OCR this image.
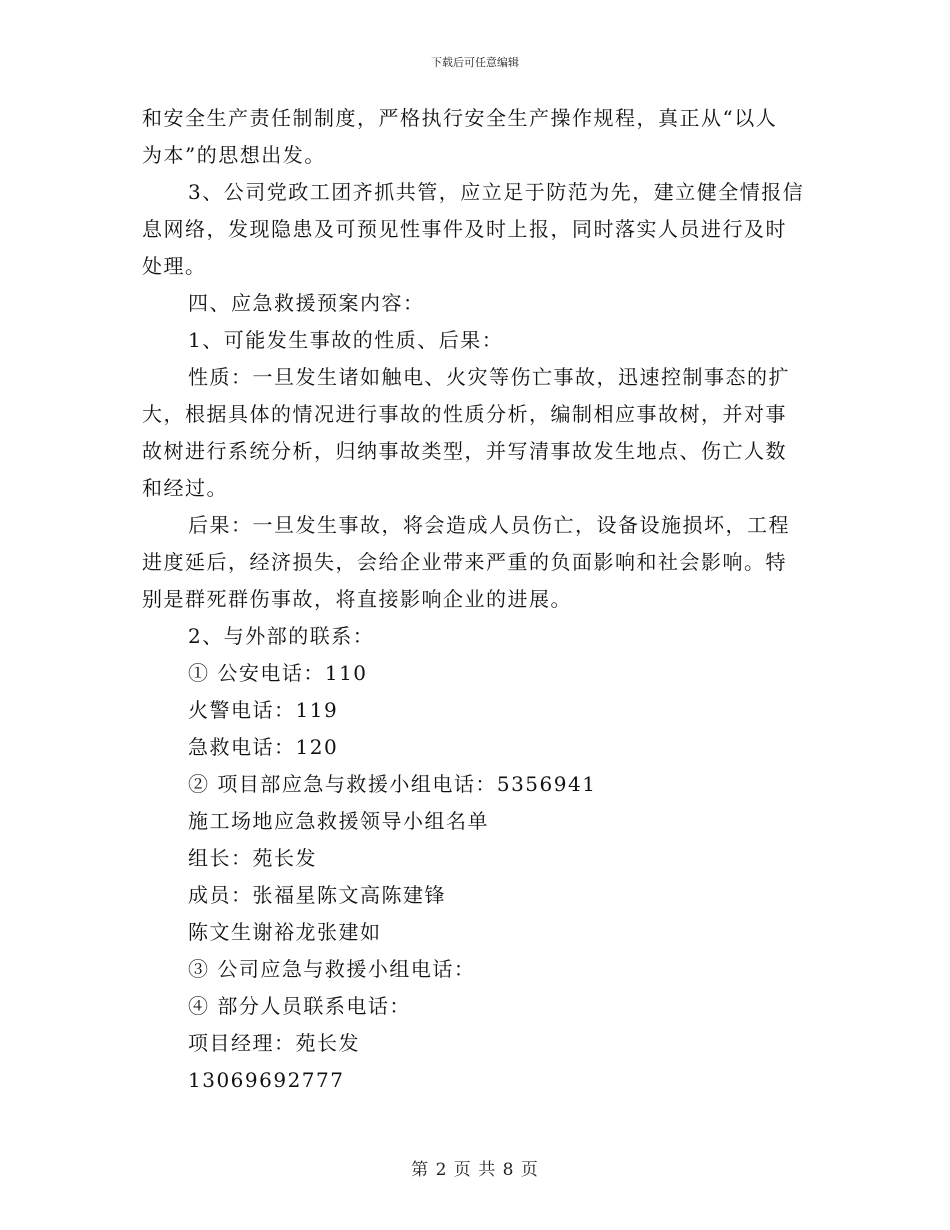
下载后可任意编辑
和安全生产责任制制度，严格执行安全生产操作规程，真正从“以人
为本”的思想出发。
3、公司党政工团齐抓共管，应立足于防范为先，建立健全情报信
息网络，发现隐患及可预见性事件及时上报，同时落实人员进行及时
处理。
四、应急救援预案内容：
1、可能发生事故的性质、后果：
性质：一旦发生诸如触电、火灾等伤亡事故，迅速控制事态的扩
大，根据具体的情况进行事故的性质分析，编制相应事故树，并对事
故树进行系统分析，归纳事故类型，并写清事故发生地点、伤亡人数
和经过。
后果：一旦发生事故，将会造成人员伤亡，设备设施损坏，工程
进度延后，经济损失，会给企业带来严重的负面影响和社会影响。特
别是群死群伤事故，将直接影响企业的进展。
2、与外部的联系：
① 公安电话：110
火警电话：119
急救电话：120
② 项目部应急与救援小组电话：5356941
施工场地应急救援领导小组名单
组长：苑长发
成员：张福星陈文高陈建锋
陈文生谢裕龙张建如
③ 公司应急与救援小组电话：
④ 部分人员联系电话：
项目经理：苑长发
13069692777
第 2 页 共 8 页
